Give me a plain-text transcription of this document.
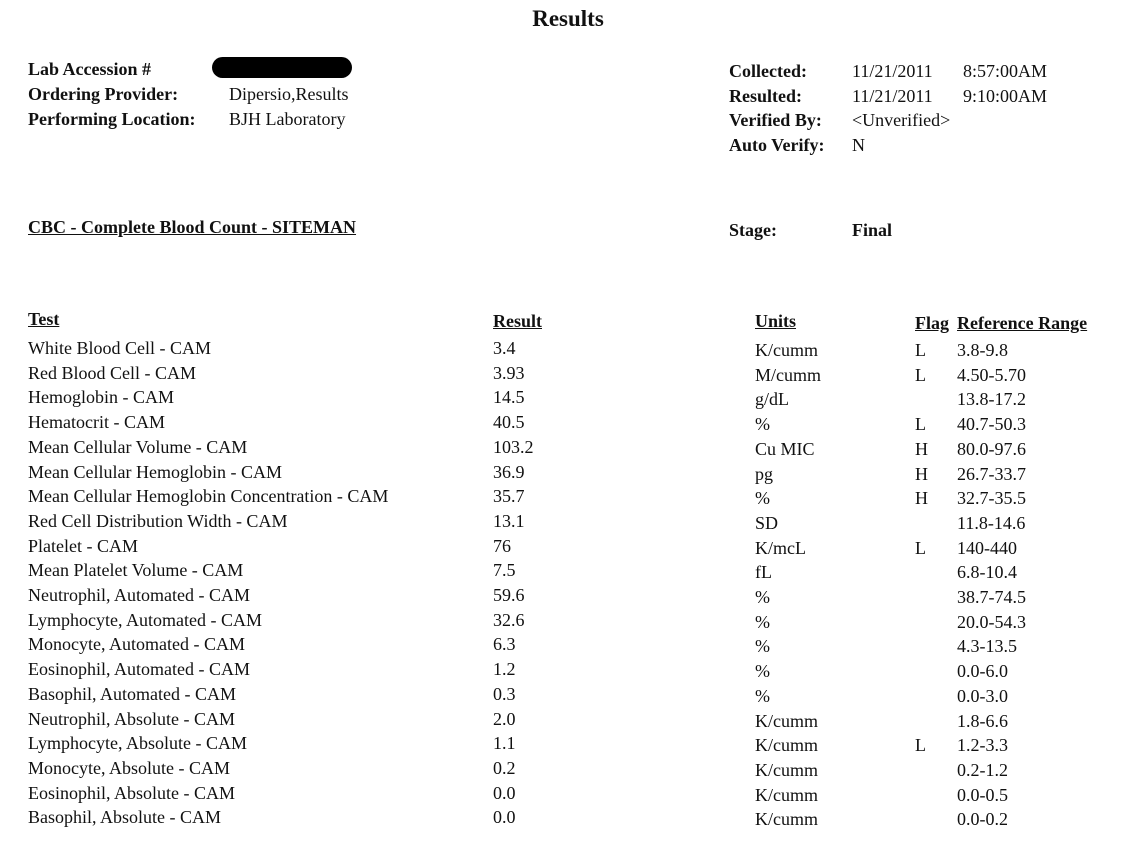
Results
Lab Accession #
Ordering Provider:	Dipersio,Results
Performing Location: BJH Laboratory
Collected:	11/21/2011 8:57:00AM
Resulted:	11/21/2011 9:10:00AM
Verified By: <Unverified>
Auto Verify: N
CBC - Complete Blood Count - SITEMAN	Stage:	Final
Test	Result	Units	Flag Reference Range
White Blood Cell - CAM	3.4	K/cumm	L 3.8-9.8
Red Blood Cell - CAM	3.93	M/cumm	L 4.50-5.70
Hemoglobin - CAM	14.5	g/dL	13.8-17.2
Hematocrit - CAM	40.5	%	L 40.7-50.3
Mean Cellular Volume - CAM	103.2	Cu MIC	H 80.0-97.6
Mean Cellular Hemoglobin - CAM	36.9	pg	H 26.7-33.7
Mean Cellular Hemoglobin Concentration - CAM	35.7	%	H 32.7-35.5
Red Cell Distribution Width - CAM	13.1	SD	11.8-14.6
Platelet - CAM	76	K/mcL	L 140-440
Mean Platelet Volume - CAM	7.5	fL	6.8-10.4
Neutrophil, Automated - CAM	59.6	%	38.7-74.5
Lymphocyte, Automated - CAM	32.6	%	20.0-54.3
Monocyte, Automated - CAM	6.3	%	4.3-13.5
Eosinophil, Automated - CAM	1.2	%	0.0-6.0
Basophil, Automated - CAM	0.3	%	0.0-3.0
Neutrophil, Absolute - CAM	2.0	K/cumm	1.8-6.6
Lymphocyte, Absolute - CAM	1.1	K/cumm	L 1.2-3.3
Monocyte, Absolute - CAM	0.2	K/cumm	0.2-1.2
Eosinophil, Absolute - CAM	0.0	K/cumm	0.0-0.5
Basophil, Absolute - CAM	0.0	K/cumm	0.0-0.2
